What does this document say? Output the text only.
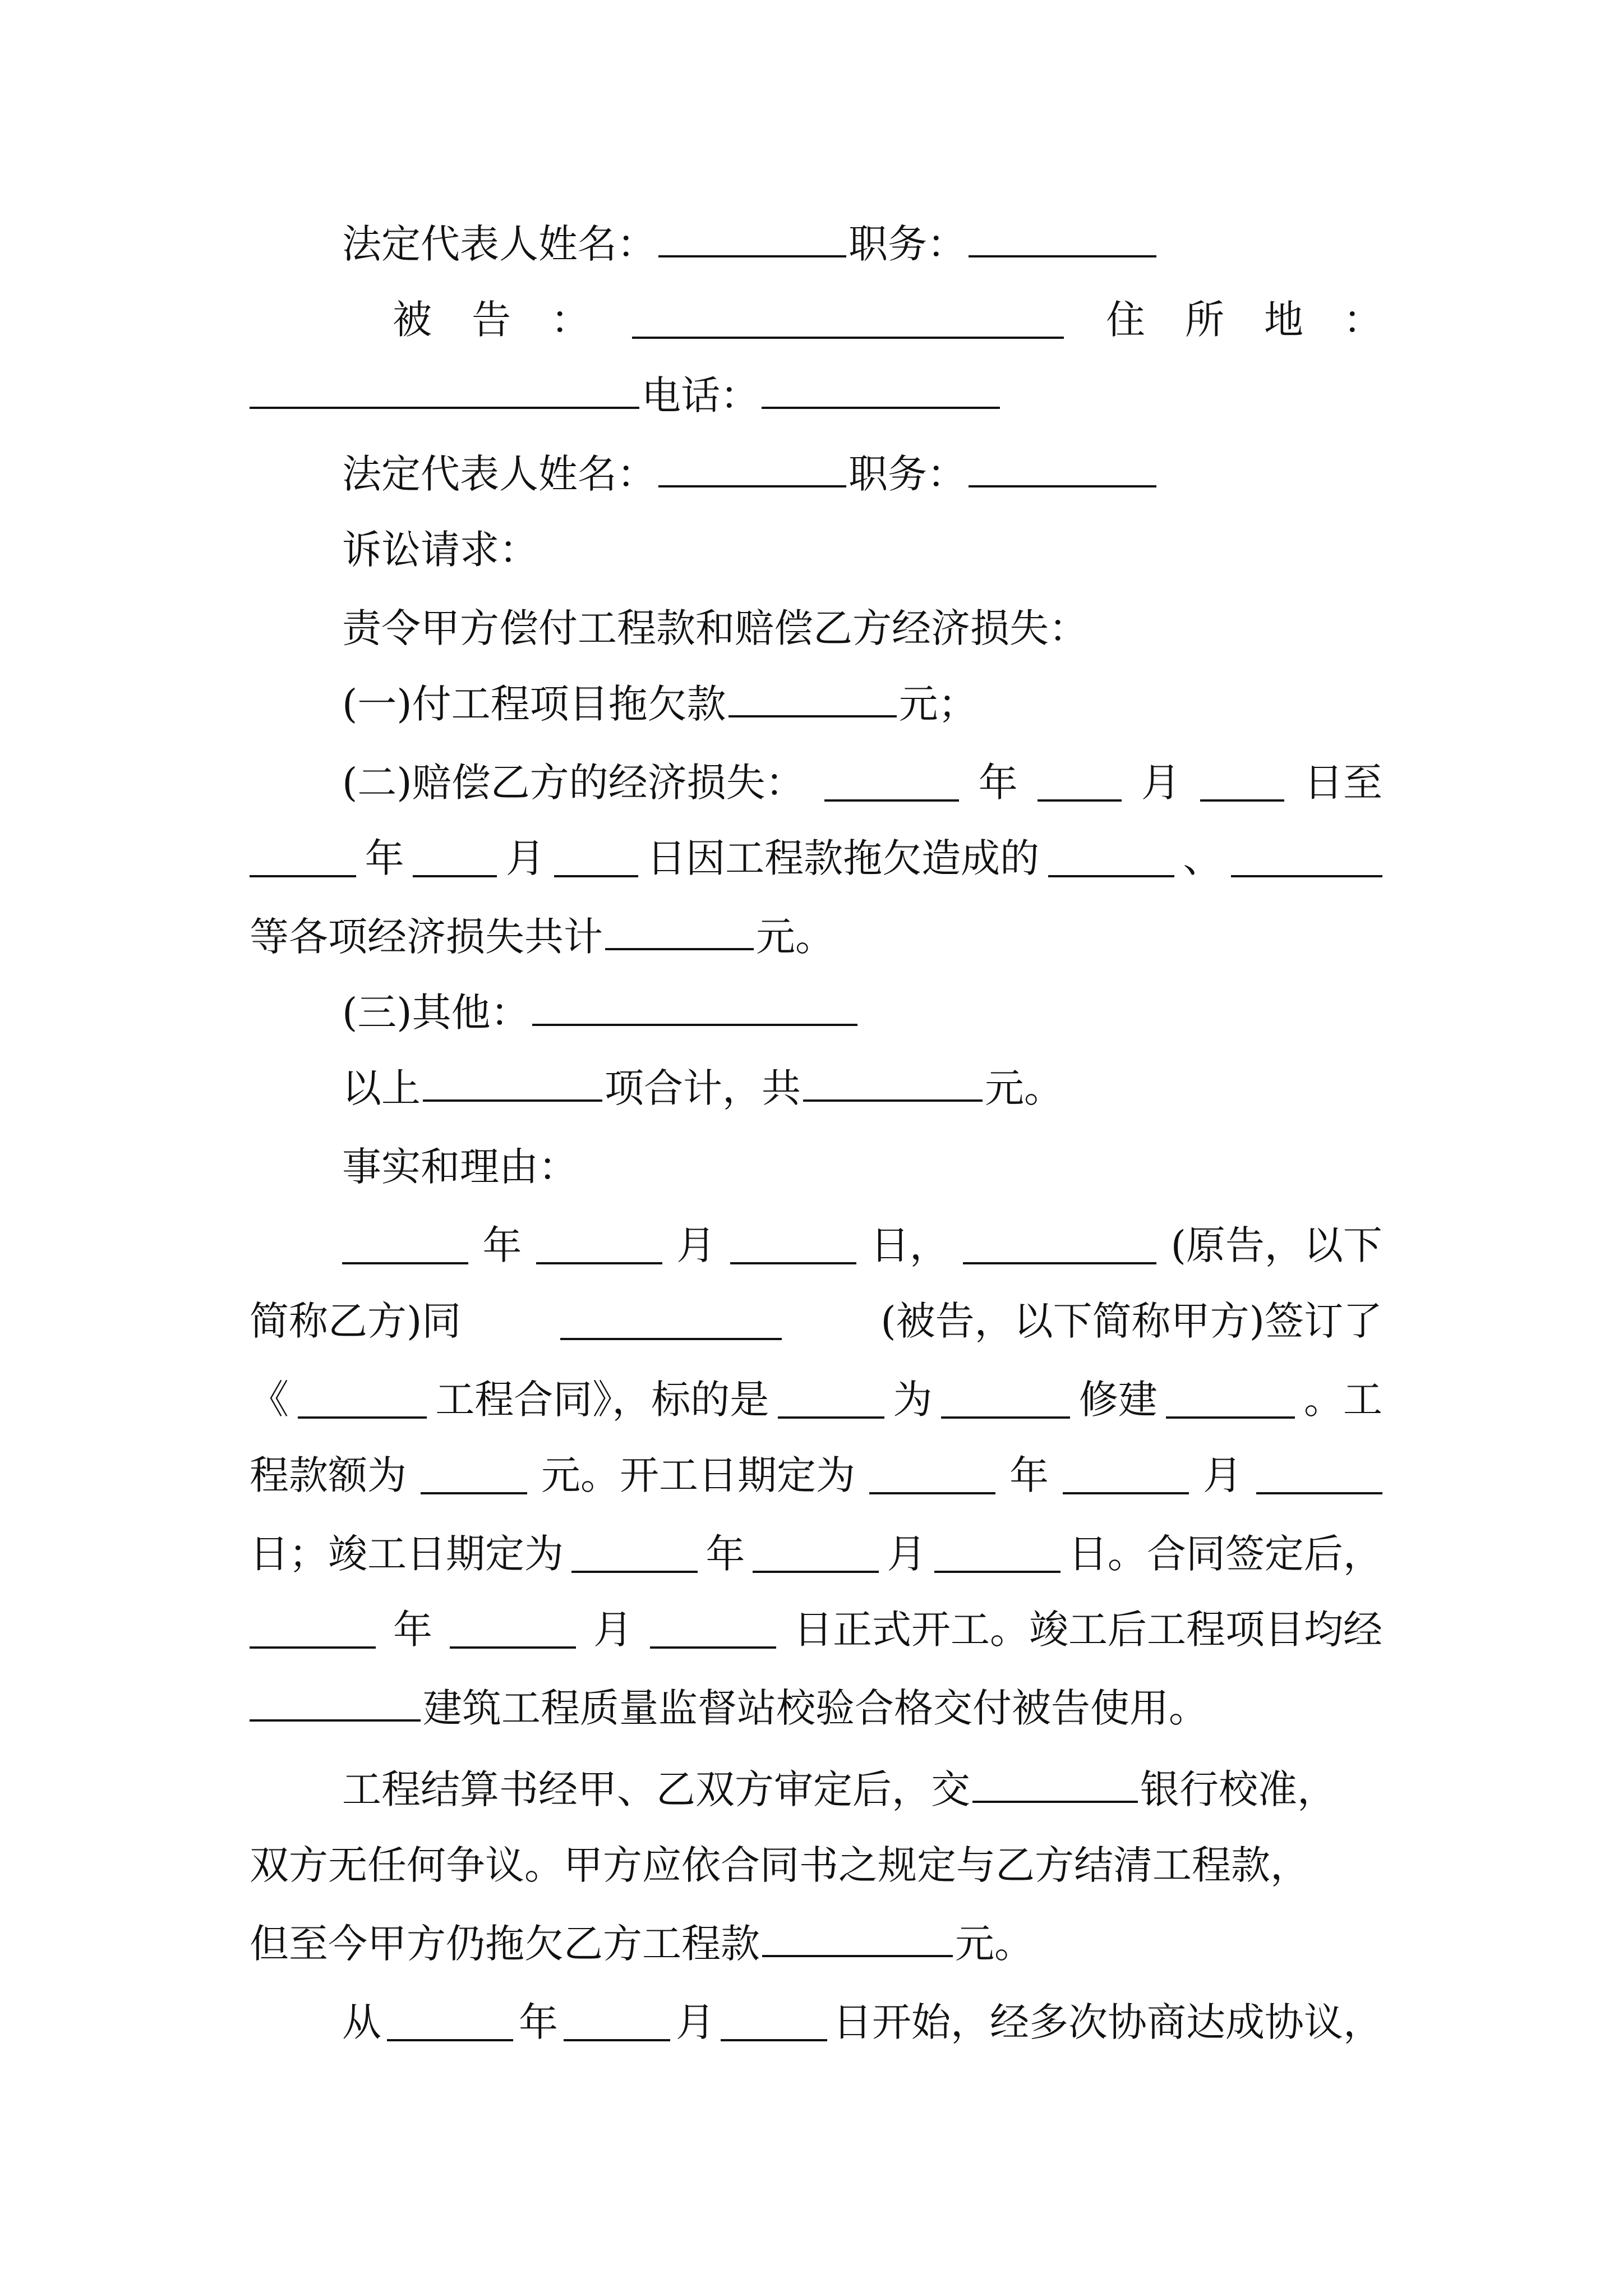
法定代表人姓名：	职务：
被 告 ：	住 所 地 ：
电话：
法定代表人姓名：	职务：
诉讼请求：
责令甲方偿付工程款和赔偿乙方经济损失：
(一)付工程项目拖欠款	元；
(二)赔偿乙方的经济损失：	年	月	日至
年	月	日因工程款拖欠造成的	、
等各项经济损失共计	元。
(三)其他：
以上	项合计，共	元。
事实和理由：
年	月	日，	(原告，以下
简称乙方)同	(被告，以下简称甲方)签订了
《	工程合同》，标的是	为	修建	。工
程款额为	元。开工日期定为	年	月
日；竣工日期定为	年	月	日。合同签定后，
年	月	日正式开工。竣工后工程项目均经
建筑工程质量监督站校验合格交付被告使用。
工程结算书经甲、乙双方审定后，交	银行校准，
双方无任何争议。甲方应依合同书之规定与乙方结清工程款，
但至今甲方仍拖欠乙方工程款	元。
从	年	月	日开始，经多次协商达成协议，
